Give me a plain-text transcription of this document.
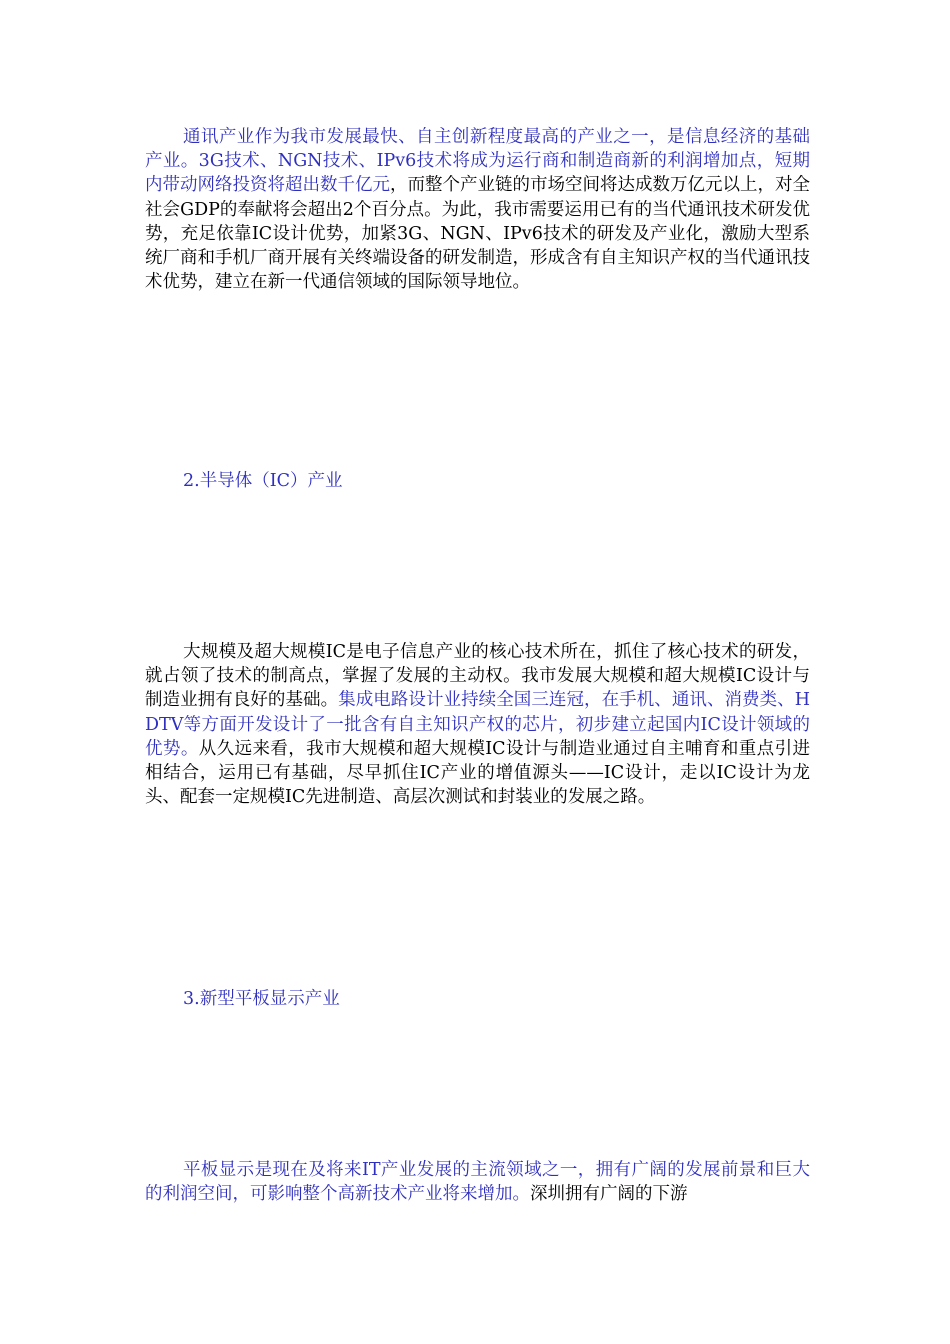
通讯产业作为我市发展最快、自主创新程度最高的产业之一，是信息经济的基础产业。3G技术、NGN技术、IPv6技术将成为运行商和制造商新的利润增加点，短期内带动网络投资将超出数千亿元，而整个产业链的市场空间将达成数万亿元以上，对全社会GDP的奉献将会超出2个百分点。为此，我市需要运用已有的当代通讯技术研发优势，充足依靠IC设计优势，加紧3G、NGN、IPv6技术的研发及产业化，激励大型系统厂商和手机厂商开展有关终端设备的研发制造，形成含有自主知识产权的当代通讯技术优势，建立在新一代通信领域的国际领导地位。

2.半导体（IC）产业

大规模及超大规模IC是电子信息产业的核心技术所在，抓住了核心技术的研发，就占领了技术的制高点，掌握了发展的主动权。我市发展大规模和超大规模IC设计与制造业拥有良好的基础。集成电路设计业持续全国三连冠，在手机、通讯、消费类、HDTV等方面开发设计了一批含有自主知识产权的芯片，初步建立起国内IC设计领域的优势。从久远来看，我市大规模和超大规模IC设计与制造业通过自主哺育和重点引进相结合，运用已有基础，尽早抓住IC产业的增值源头——IC设计，走以IC设计为龙头、配套一定规模IC先进制造、高层次测试和封装业的发展之路。

3.新型平板显示产业

平板显示是现在及将来IT产业发展的主流领域之一，拥有广阔的发展前景和巨大的利润空间，可影响整个高新技术产业将来增加。深圳拥有广阔的下游
